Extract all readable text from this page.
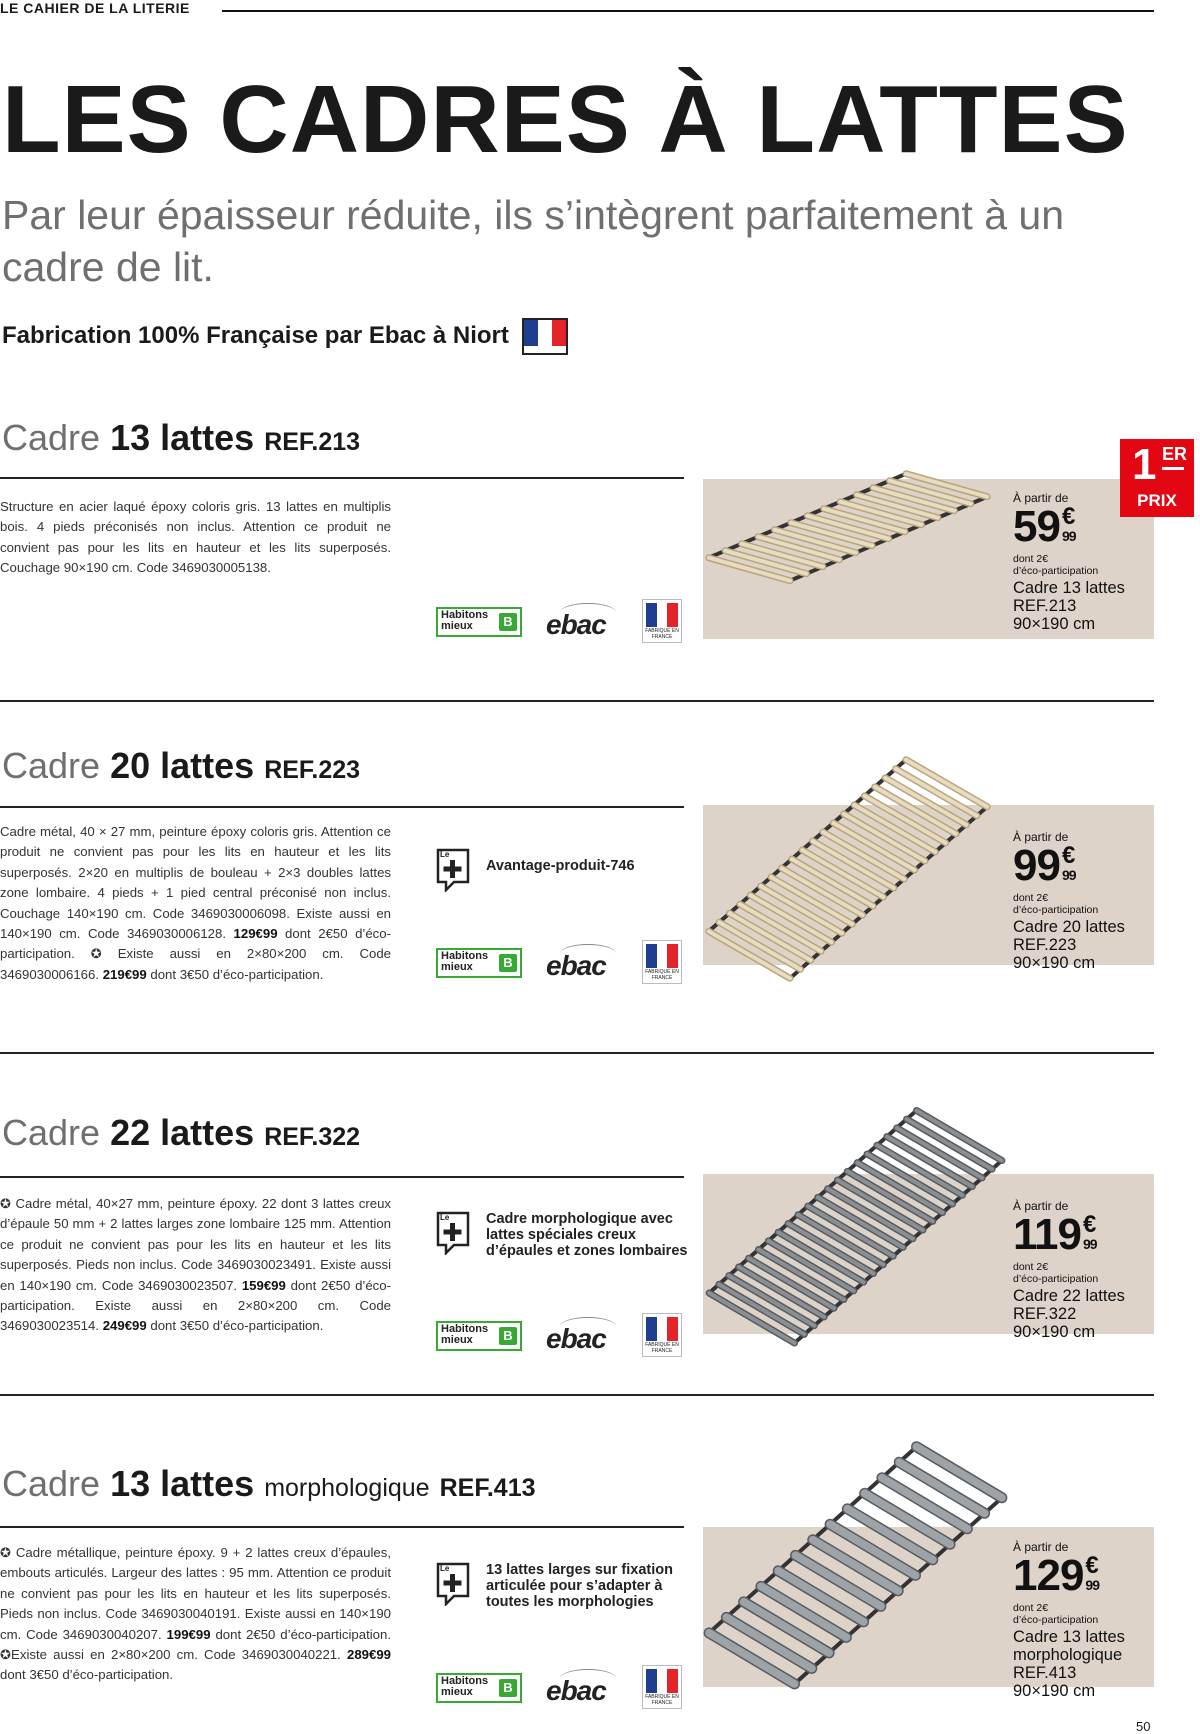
LE CAHIER DE LA LITERIE
LES CADRES À LATTES
Par leur épaisseur réduite, ils s’intègrent parfaitement à un cadre de lit.
Fabrication 100% Française par Ebac à Niort
Cadre 13 lattes REF.213
Structure en acier laqué époxy coloris gris. 13 lattes en multiplis bois. 4 pieds préconisés non inclus. Attention ce produit ne convient pas pour les lits en hauteur et les lits superposés. Couchage 90×190 cm. Code 3469030005138.
Habitons mieux	B ebac	FABRIQUÉ EN FRANCE
À partir de
59€
99
dont 2€
d’éco-participation
Cadre 13 lattes
REF.213
90×190 cm
Cadre 20 lattes REF.223
Cadre métal, 40 × 27 mm, peinture époxy coloris gris. Attention ce produit ne convient pas pour les lits en hauteur et les lits superposés. 2×20 en multiplis de bouleau + 2×3 doubles lattes zone lombaire. 4 pieds + 1 pied central préconisé non inclus. Couchage 140×190 cm. Code 3469030006098. Existe aussi en 140×190 cm. Code 3469030006128. 129€99 dont 2€50 d’éco-participation. ✪ Existe aussi en 2×80×200 cm. Code 3469030006166. 219€99 dont 3€50 d’éco-participation.
Le
Avantage-produit-746
Habitons mieux	B ebac	FABRIQUÉ EN FRANCE
À partir de
99€
99
dont 2€
d’éco-participation
Cadre 20 lattes
REF.223
90×190 cm
Cadre 22 lattes REF.322
✪ Cadre métal, 40×27 mm, peinture époxy. 22 dont 3 lattes creux d’épaule 50 mm + 2 lattes larges zone lombaire 125 mm. Attention ce produit ne convient pas pour les lits en hauteur et les lits superposés. Pieds non inclus. Code 3469030023491. Existe aussi en 140×190 cm. Code 3469030023507. 159€99 dont 2€50 d’éco-participation. Existe aussi en 2×80×200 cm. Code 3469030023514. 249€99 dont 3€50 d’éco-participation.
Le	Cadre morphologique avec lattes spéciales creux d’épaules et zones lombaires
Habitons mieux	B ebac	FABRIQUÉ EN FRANCE
À partir de
119€
99
dont 2€
d’éco-participation
Cadre 22 lattes
REF.322
90×190 cm
Cadre 13 lattes morphologique REF.413
✪ Cadre métallique, peinture époxy. 9 + 2 lattes creux d’épaules, embouts articulés. Largeur des lattes : 95 mm. Attention ce produit ne convient pas pour les lits en hauteur et les lits superposés. Pieds non inclus. Code 3469030040191. Existe aussi en 140×190 cm. Code 3469030040207. 199€99 dont 2€50 d’éco-participation. ✪Existe aussi en 2×80×200 cm. Code 3469030040221. 289€99 dont 3€50 d’éco-participation.
Le	13 lattes larges sur fixation articulée pour s’adapter à toutes les morphologies
Habitons mieux	B ebac	FABRIQUÉ EN FRANCE
À partir de
129€
99
dont 2€
d’éco-participation
Cadre 13 lattes
morphologique
REF.413
90×190 cm
50
1 ER
PRIX
